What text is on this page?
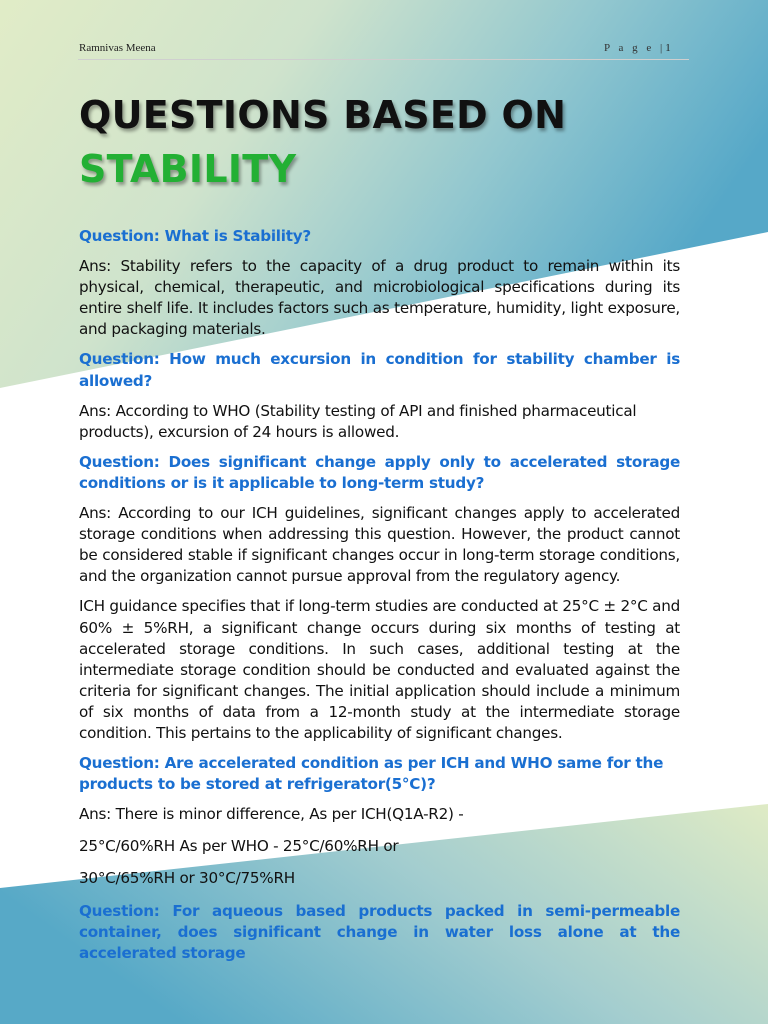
Ramnivas Meena	P a g e |1
QUESTIONS BASED ON
STABILITY

Question: What is Stability?

Ans: Stability refers to the capacity of a drug product to remain within its physical, chemical, therapeutic, and microbiological specifications during its entire shelf life. It includes factors such as temperature, humidity, light exposure, and packaging materials.

Question: How much excursion in condition for stability chamber is allowed?

Ans: According to WHO (Stability testing of API and finished pharmaceutical products), excursion of 24 hours is allowed.

Question: Does significant change apply only to accelerated storage conditions or is it applicable to long-term study?

Ans: According to our ICH guidelines, significant changes apply to accelerated storage conditions when addressing this question. However, the product cannot be considered stable if significant changes occur in long-term storage conditions, and the organization cannot pursue approval from the regulatory agency.

ICH guidance specifies that if long-term studies are conducted at 25°C ± 2°C and 60% ± 5%RH, a significant change occurs during six months of testing at accelerated storage conditions. In such cases, additional testing at the intermediate storage condition should be conducted and evaluated against the criteria for significant changes. The initial application should include a minimum of six months of data from a 12-month study at the intermediate storage condition. This pertains to the applicability of significant changes.

Question: Are accelerated condition as per ICH and WHO same for the products to be stored at refrigerator(5°C)?

Ans: There is minor difference, As per ICH(Q1A-R2) -

25°C/60%RH As per WHO - 25°C/60%RH or

30°C/65%RH or 30°C/75%RH

Question: For aqueous based products packed in semi-permeable container, does significant change in water loss alone at the accelerated storage
